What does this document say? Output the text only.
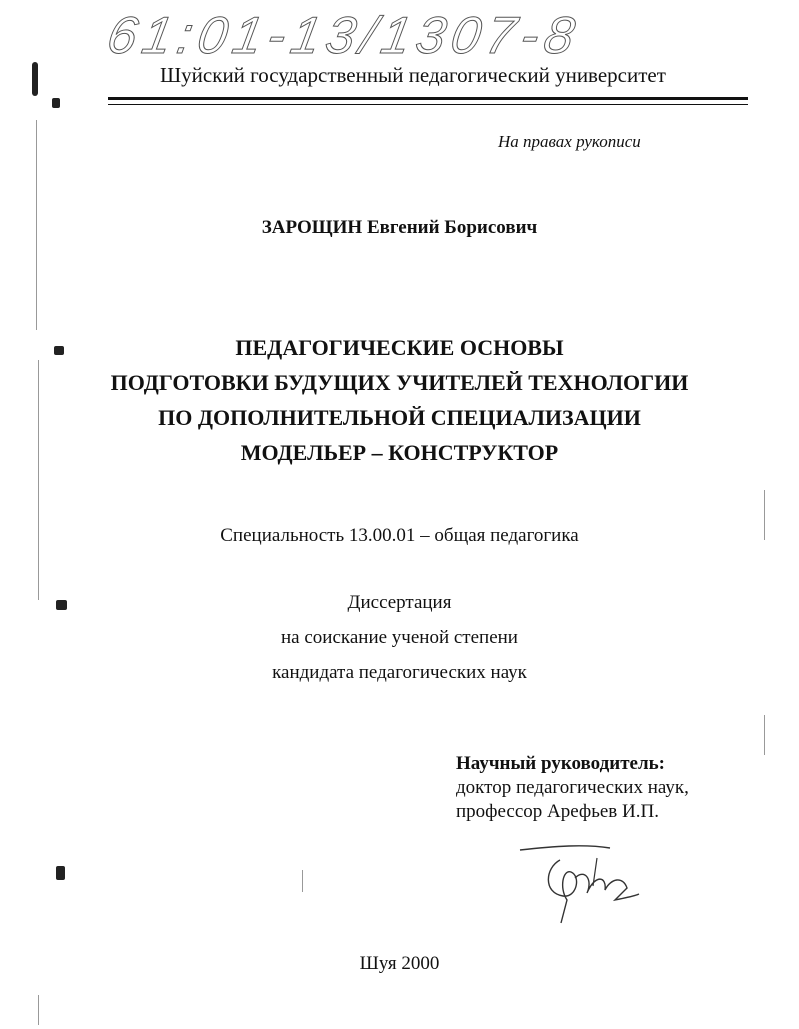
61:01-13/1307-8
Шуйский государственный педагогический университет
На правах рукописи
ЗАРОЩИН Евгений Борисович
ПЕДАГОГИЧЕСКИЕ ОСНОВЫ
ПОДГОТОВКИ БУДУЩИХ УЧИТЕЛЕЙ ТЕХНОЛОГИИ
ПО ДОПОЛНИТЕЛЬНОЙ СПЕЦИАЛИЗАЦИИ
МОДЕЛЬЕР – КОНСТРУКТОР
Специальность 13.00.01 – общая педагогика
Диссертация
на соискание ученой степени
кандидата педагогических наук
Научный руководитель:
доктор педагогических наук,
профессор Арефьев И.П.
Шуя 2000
